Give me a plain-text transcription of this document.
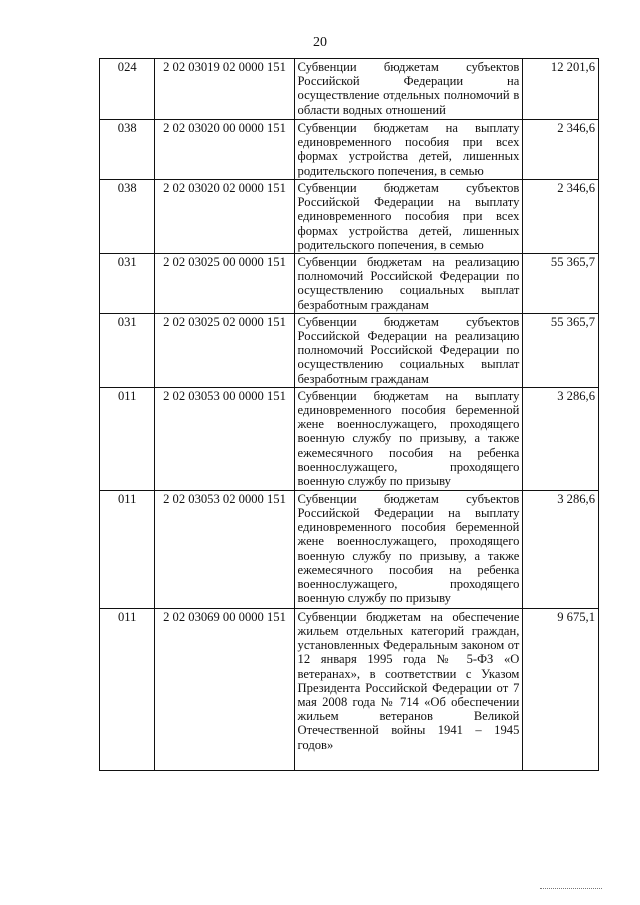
20
024	2 02 03019 02 0000 151	Субвенции бюджетам субъектов Российской Федерации на осуществление отдельных полномочий в области водных отношений	12 201,6
038	2 02 03020 00 0000 151	Субвенции бюджетам на выплату единовременного пособия при всех формах устройства детей, лишенных родительского попечения, в семью	2 346,6
038	2 02 03020 02 0000 151	Субвенции бюджетам субъектов Российской Федерации на выплату единовременного пособия при всех формах устройства детей, лишенных родительского попечения, в семью	2 346,6
031	2 02 03025 00 0000 151	Субвенции бюджетам на реализацию полномочий Российской Федерации по осуществлению социальных выплат безработным гражданам	55 365,7
031	2 02 03025 02 0000 151	Субвенции бюджетам субъектов Российской Федерации на реализацию полномочий Российской Федерации по осуществлению социальных выплат безработным гражданам	55 365,7
011	2 02 03053 00 0000 151	Субвенции бюджетам на выплату единовременного пособия беременной жене военнослужащего, проходящего военную службу по призыву, а также ежемесячного пособия на ребенка военнослужащего, проходящего военную службу по призыву	3 286,6
011	2 02 03053 02 0000 151	Субвенции бюджетам субъектов Российской Федерации на выплату единовременного пособия беременной жене военнослужащего, проходящего военную службу по призыву, а также ежемесячного пособия на ребенка военнослужащего, проходящего военную службу по призыву	3 286,6
011	2 02 03069 00 0000 151	Субвенции бюджетам на обеспечение жильем отдельных категорий граждан, установленных Федеральным законом от 12 января 1995 года № 5-ФЗ «О ветеранах», в соответствии с Указом Президента Российской Федерации от 7 мая 2008 года № 714 «Об обеспечении жильем ветеранов Великой Отечественной войны 1941 – 1945 годов»	9 675,1
